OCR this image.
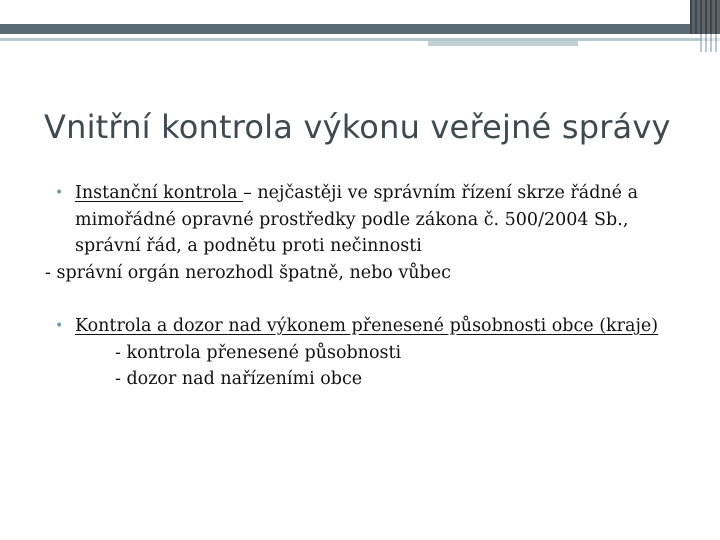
Vnitřní kontrola výkonu veřejné správy
• Instanční kontrola – nejčastěji ve správním řízení skrze řádné a
mimořádné opravné prostředky podle zákona č. 500/2004 Sb.,
správní řád, a podnětu proti nečinnosti
- správní orgán nerozhodl špatně, nebo vůbec
• Kontrola a dozor nad výkonem přenesené působnosti obce (kraje)
- kontrola přenesené působnosti
- dozor nad nařízeními obce
